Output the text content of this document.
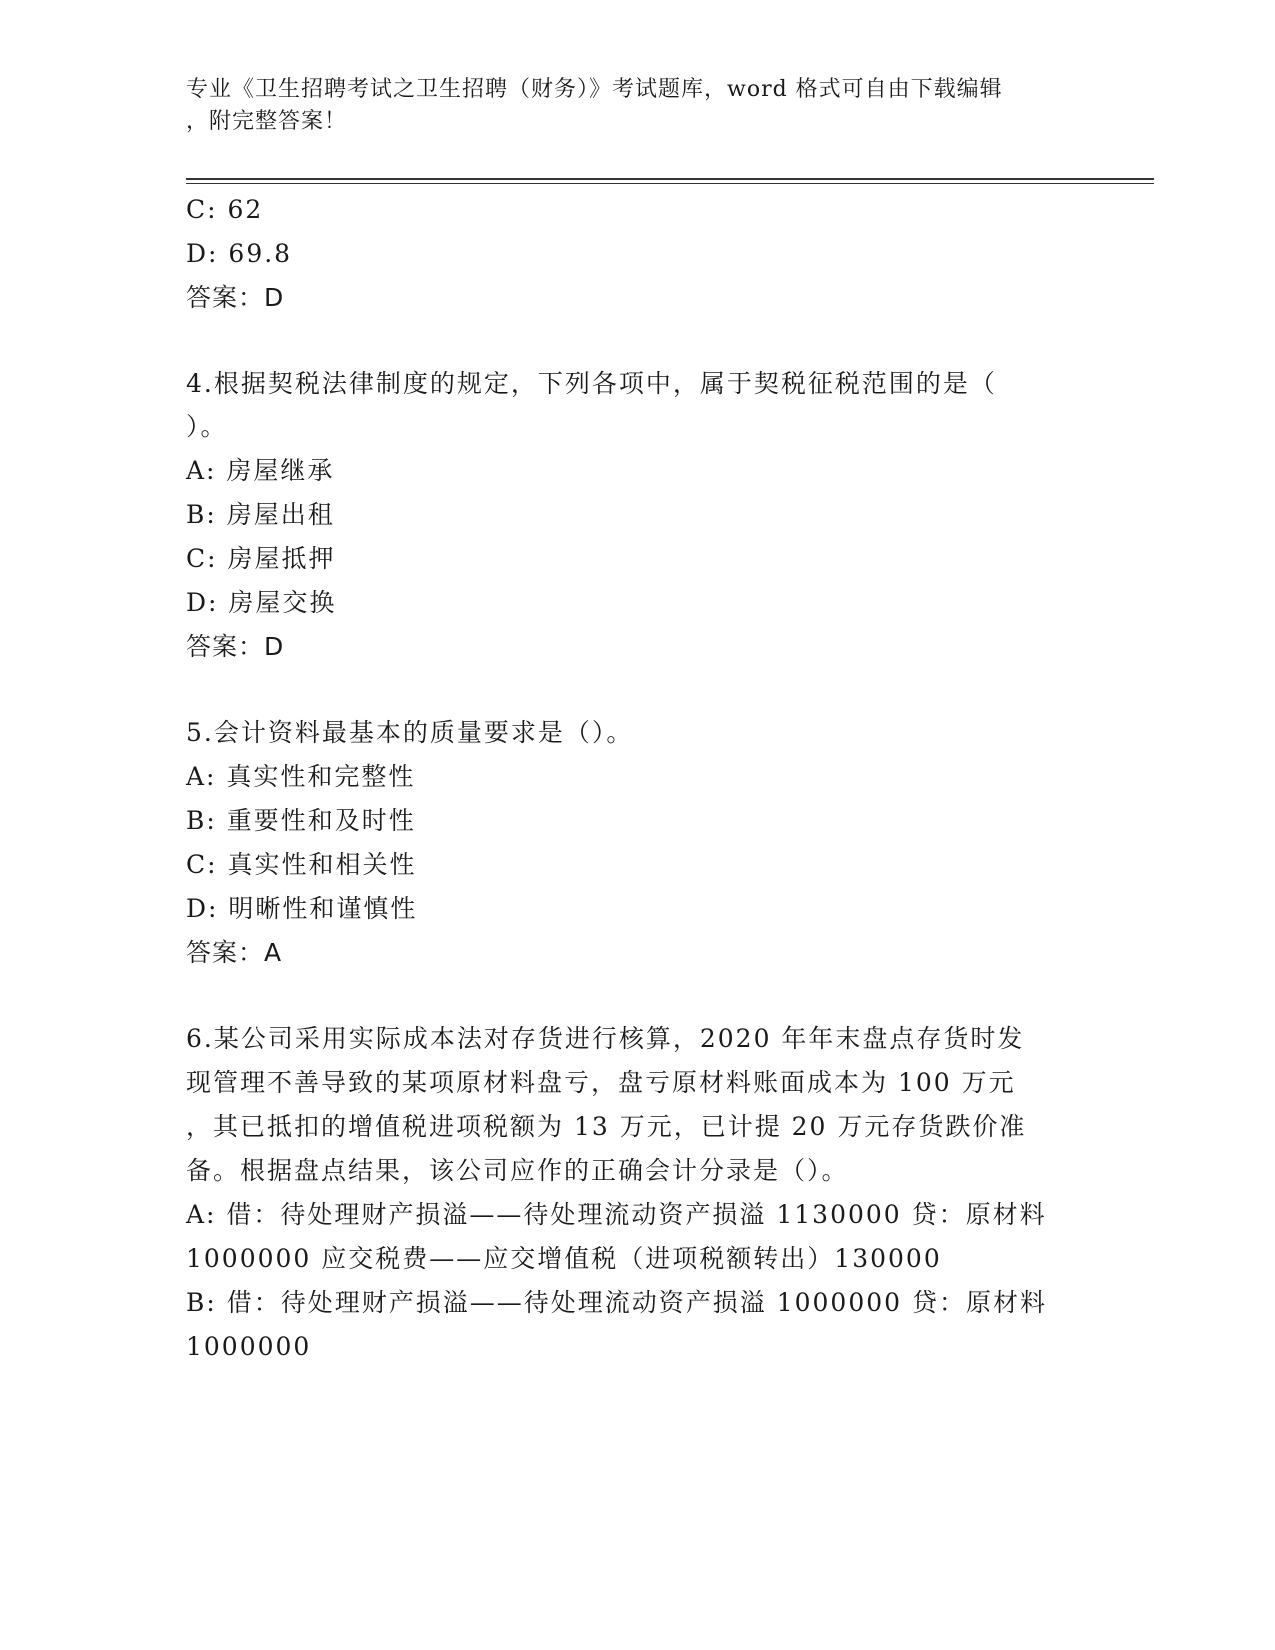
专业《卫生招聘考试之卫生招聘（财务）》考试题库，word 格式可自由下载编辑
，附完整答案！
C: 62
D: 69.8
答案：D
4.根据契税法律制度的规定，下列各项中，属于契税征税范围的是（
）。
A: 房屋继承
B: 房屋出租
C: 房屋抵押
D: 房屋交换
答案：D
5.会计资料最基本的质量要求是（）。
A: 真实性和完整性
B: 重要性和及时性
C: 真实性和相关性
D: 明晰性和谨慎性
答案：A
6.某公司采用实际成本法对存货进行核算，2020 年年末盘点存货时发
现管理不善导致的某项原材料盘亏，盘亏原材料账面成本为 100 万元
，其已抵扣的增值税进项税额为 13 万元，已计提 20 万元存货跌价准
备。根据盘点结果，该公司应作的正确会计分录是（）。
A: 借：待处理财产损溢——待处理流动资产损溢 1130000 贷：原材料
1000000 应交税费——应交增值税（进项税额转出）130000
B: 借：待处理财产损溢——待处理流动资产损溢 1000000 贷：原材料
1000000
